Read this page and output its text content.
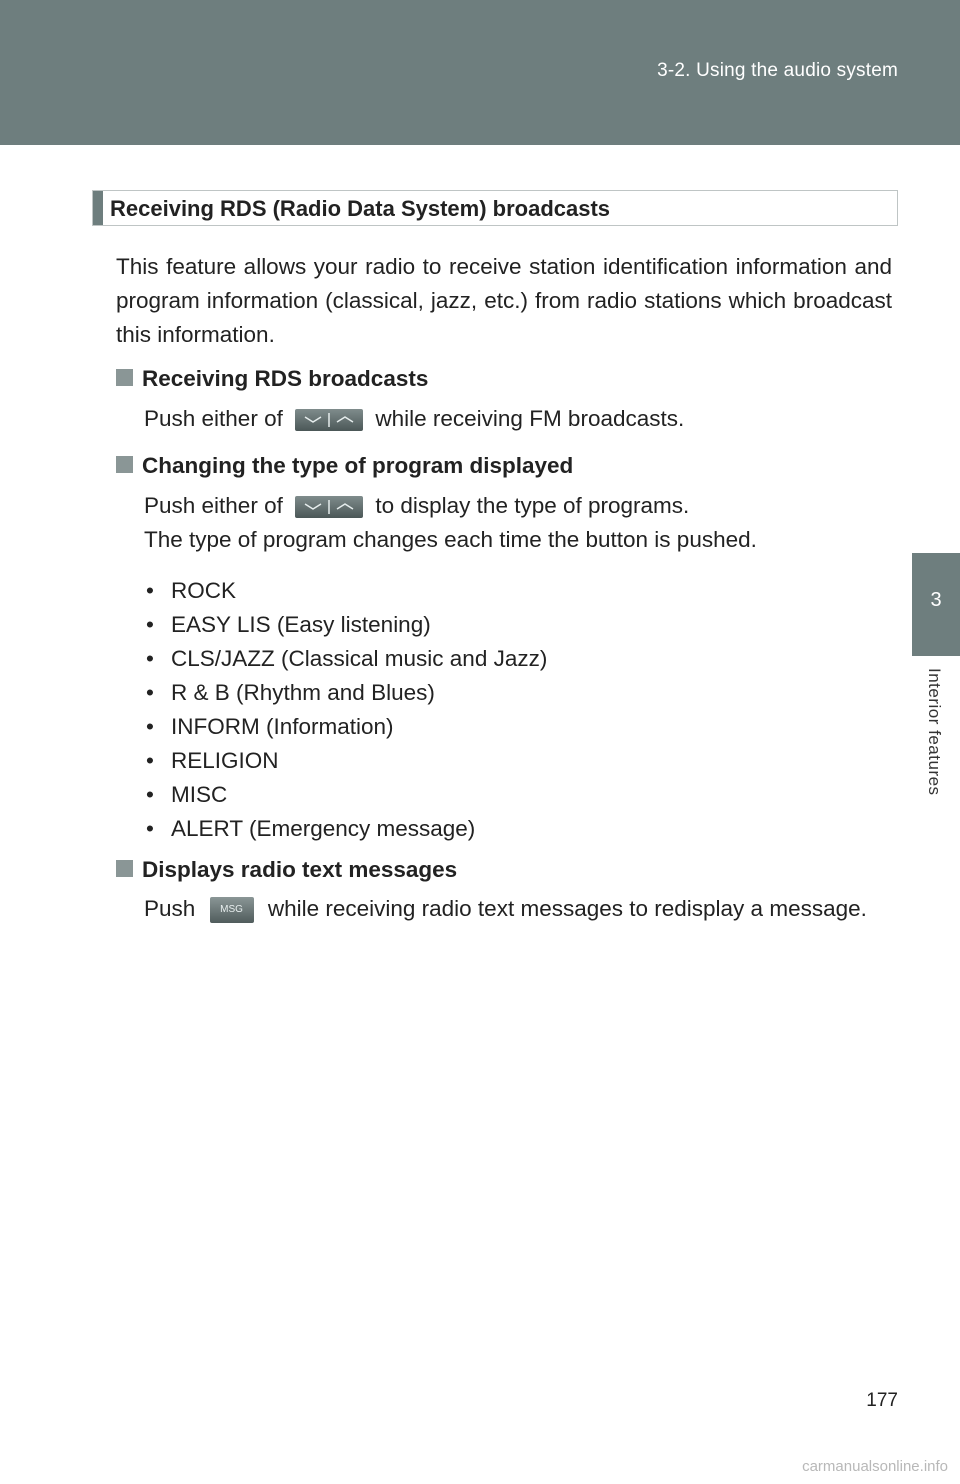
3-2. Using the audio system
3
Interior features
Receiving RDS (Radio Data System) broadcasts
This feature allows your radio to receive station identification information and program information (classical, jazz, etc.) from radio stations which broadcast this information.
Receiving RDS broadcasts
Push either of	while receiving FM broadcasts.
Changing the type of program displayed
Push either of	to display the type of programs.
The type of program changes each time the button is pushed.
• ROCK
• EASY LIS (Easy listening)
• CLS/JAZZ (Classical music and Jazz)
• R & B (Rhythm and Blues)
• INFORM (Information)
• RELIGION
• MISC
• ALERT (Emergency message)
Displays radio text messages
Push MSG while receiving radio text messages to redisplay a message.
177
carmanualsonline.info
